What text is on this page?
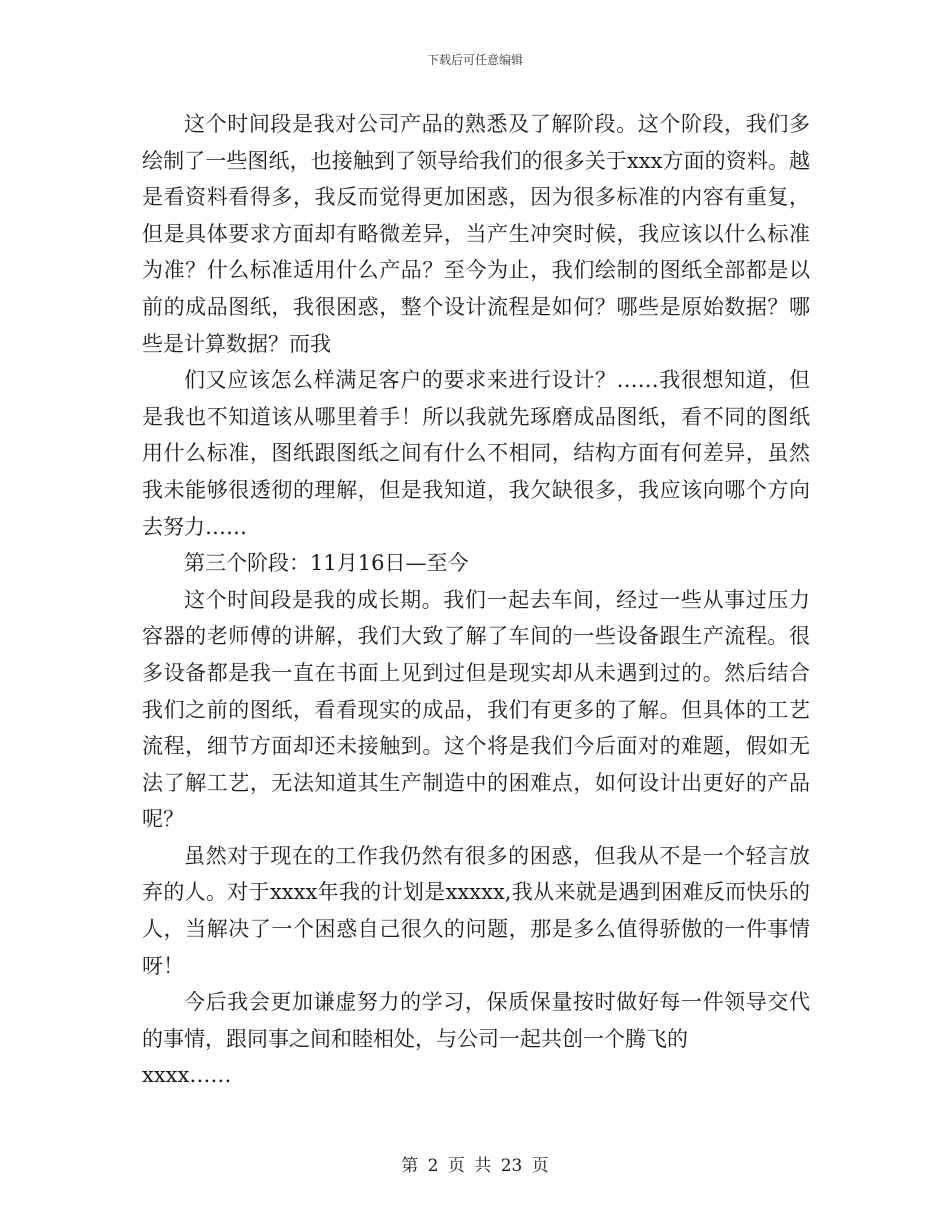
下载后可任意编辑

这个时间段是我对公司产品的熟悉及了解阶段。这个阶段，我们多绘制了一些图纸，也接触到了领导给我们的很多关于xxx方面的资料。越是看资料看得多，我反而觉得更加困惑，因为很多标准的内容有重复，但是具体要求方面却有略微差异，当产生冲突时候，我应该以什么标准为准？什么标准适用什么产品？至今为止，我们绘制的图纸全部都是以前的成品图纸，我很困惑，整个设计流程是如何？哪些是原始数据？哪些是计算数据？而我

们又应该怎么样满足客户的要求来进行设计？……我很想知道，但是我也不知道该从哪里着手！所以我就先琢磨成品图纸，看不同的图纸用什么标准，图纸跟图纸之间有什么不相同，结构方面有何差异，虽然我未能够很透彻的理解，但是我知道，我欠缺很多，我应该向哪个方向去努力……

第三个阶段：11月16日—至今

这个时间段是我的成长期。我们一起去车间，经过一些从事过压力容器的老师傅的讲解，我们大致了解了车间的一些设备跟生产流程。很多设备都是我一直在书面上见到过但是现实却从未遇到过的。然后结合我们之前的图纸，看看现实的成品，我们有更多的了解。但具体的工艺流程，细节方面却还未接触到。这个将是我们今后面对的难题，假如无法了解工艺，无法知道其生产制造中的困难点，如何设计出更好的产品呢？

虽然对于现在的工作我仍然有很多的困惑，但我从不是一个轻言放弃的人。对于xxxx年我的计划是xxxxx,我从来就是遇到困难反而快乐的人，当解决了一个困惑自己很久的问题，那是多么值得骄傲的一件事情呀！

今后我会更加谦虚努力的学习，保质保量按时做好每一件领导交代的事情，跟同事之间和睦相处，与公司一起共创一个腾飞的

xxxx……

第 2 页 共 23 页
